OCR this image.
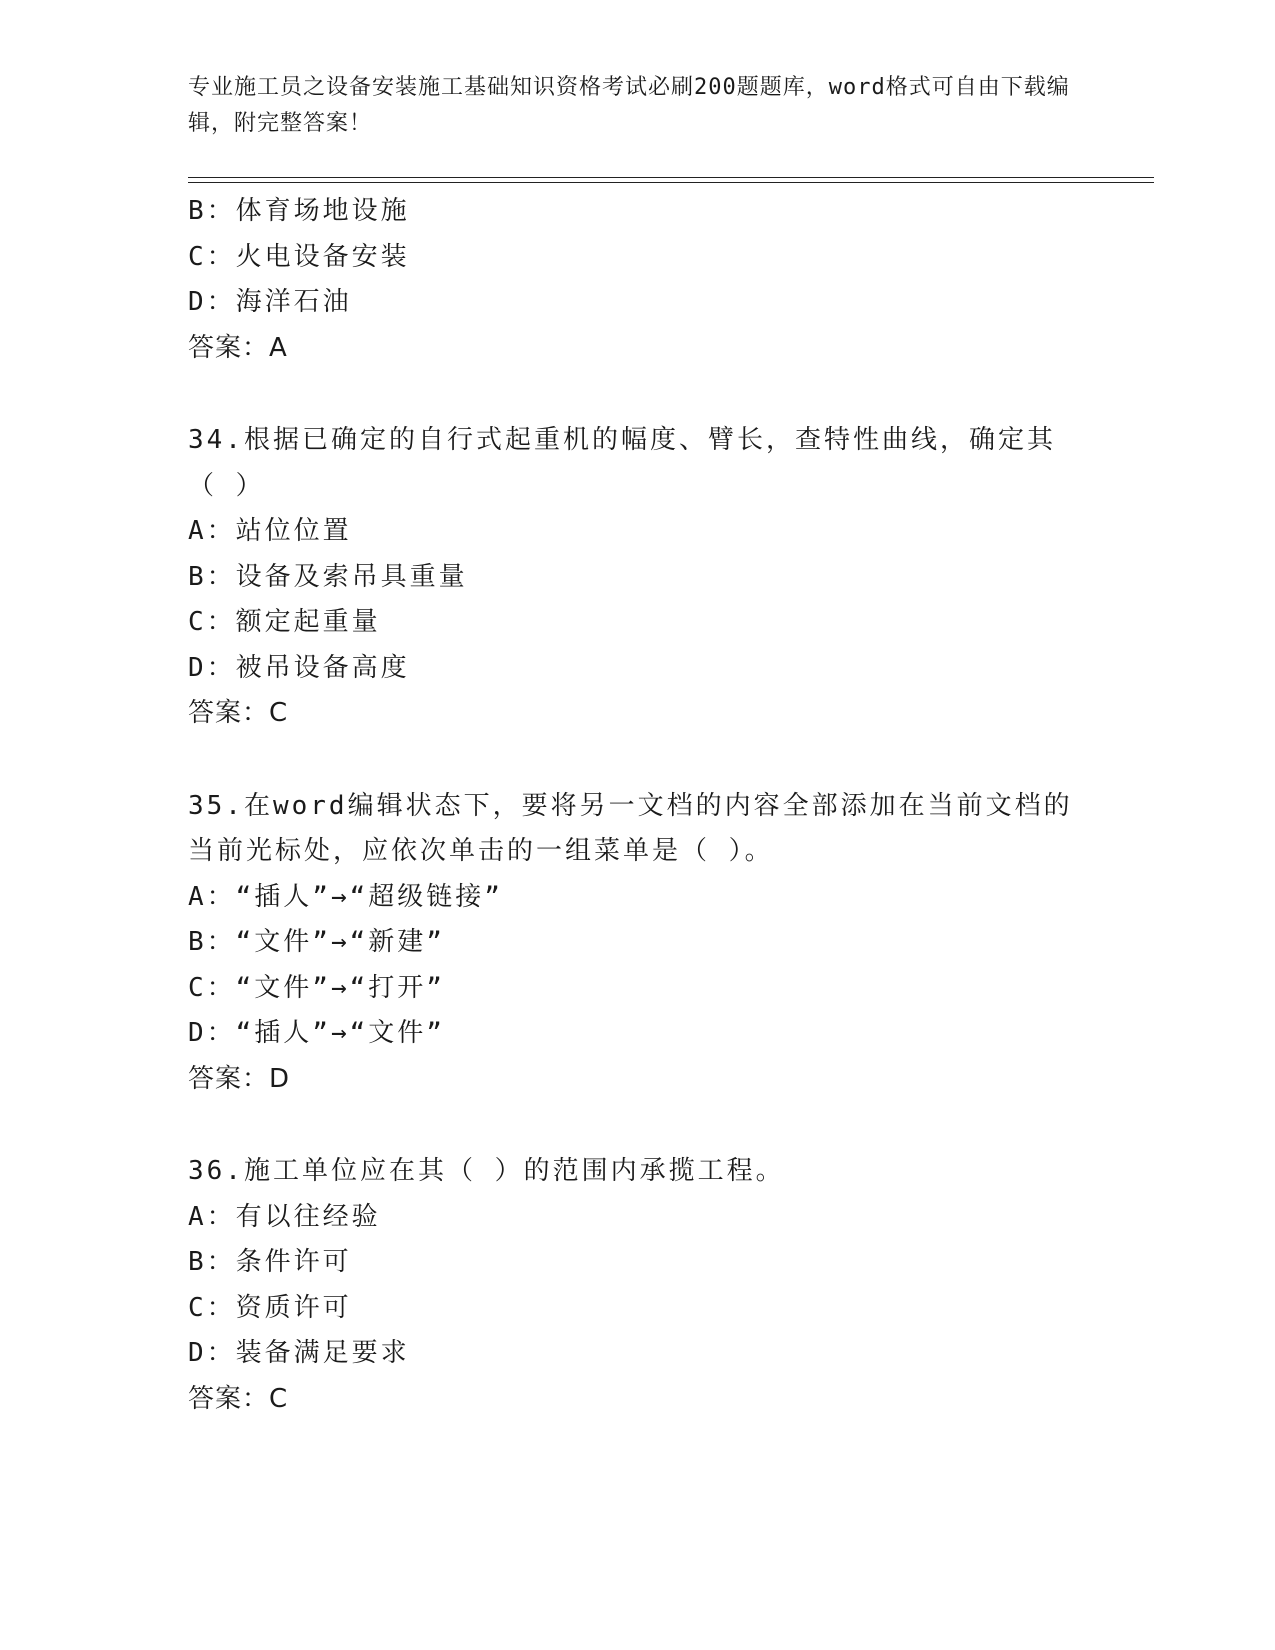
专业施工员之设备安装施工基础知识资格考试必刷200题题库，word格式可自由下载编辑，附完整答案！
B：体育场地设施
C：火电设备安装
D：海洋石油
答案：A
34.根据已确定的自行式起重机的幅度、臂长，查特性曲线，确定其（ ）
A：站位位置
B：设备及索吊具重量
C：额定起重量
D：被吊设备高度
答案：C
35.在word编辑状态下，要将另一文档的内容全部添加在当前文档的当前光标处，应依次单击的一组菜单是（ ）。
A：“插人”→“超级链接”
B：“文件”→“新建”
C：“文件”→“打开”
D：“插人”→“文件”
答案：D
36.施工单位应在其（ ）的范围内承揽工程。
A：有以往经验
B：条件许可
C：资质许可
D：装备满足要求
答案：C
